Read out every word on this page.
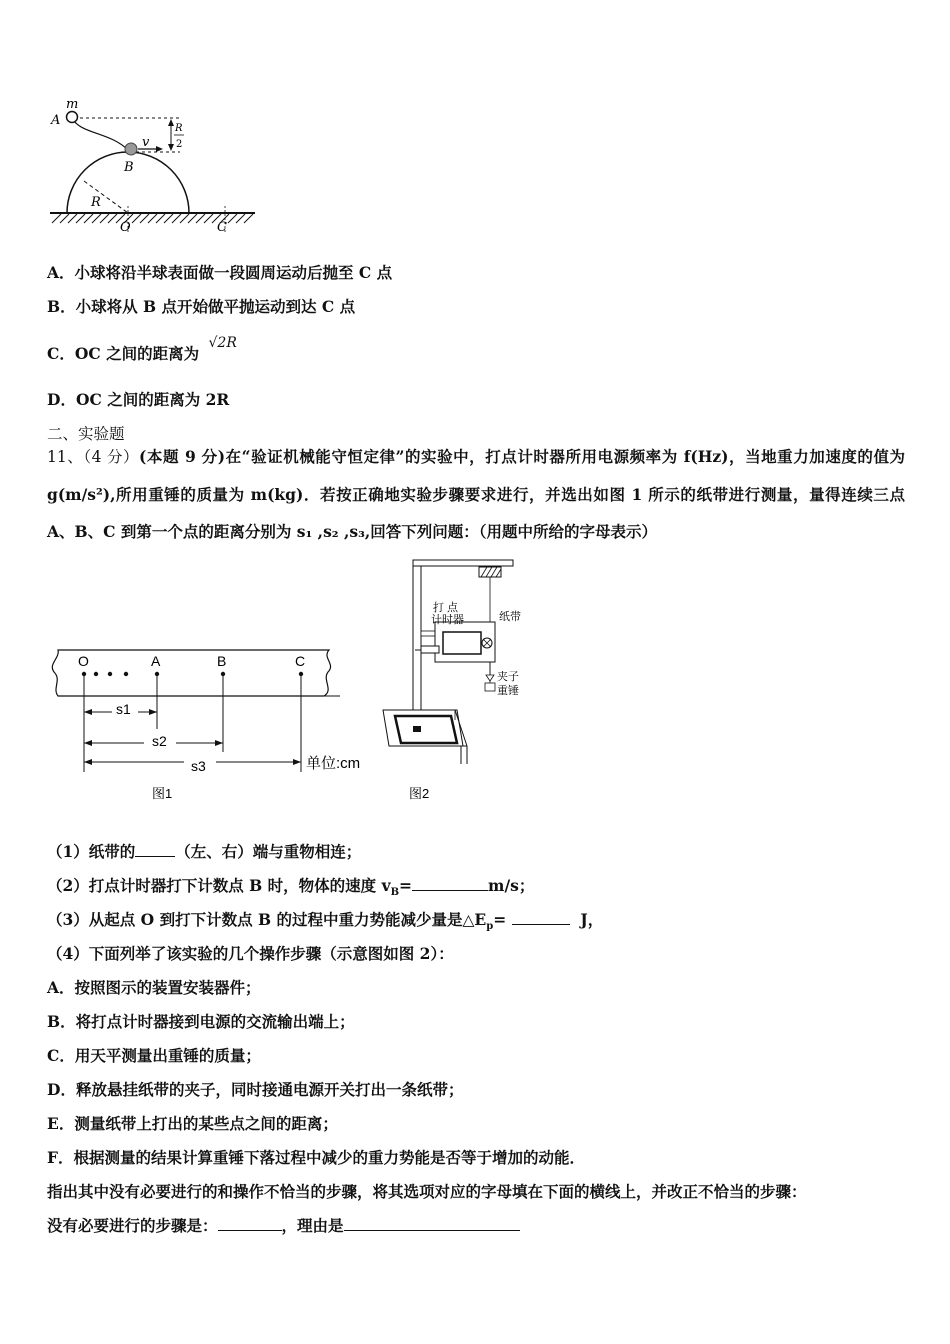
m
A
v
B
R
2
R
O	C
A．小球将沿半球表面做一段圆周运动后抛至 C 点
B．小球将从 B 点开始做平抛运动到达 C 点
C．OC 之间的距离为 √2R
D．OC 之间的距离为 2R
二、实验题
11、（4 分）(本题 9 分)在“验证机械能守恒定律”的实验中，打点计时器所用电源频率为 f(Hz)，当地重力加速度的值为 g(m/s²),所用重锤的质量为 m(kg)．若按正确地实验步骤要求进行，并选出如图 1 所示的纸带进行测量，量得连续三点 A、B、C 到第一个点的距离分别为 s₁ ,s₂ ,s₃,回答下列问题：（用题中所给的字母表示）
O	A	B	C
s1
s2
s3	单位:cm
图1
打 点
计时器	纸带
夹子
重锤
图2
（1）纸带的	（左、右）端与重物相连；
（2）打点计时器打下计数点 B 时，物体的速度 $v_B=$	m/s；
（3）从起点 O 到打下计数点 B 的过程中重力势能减少量是$\triangle E_p=$	J，
（4）下面列举了该实验的几个操作步骤（示意图如图 2）：
A．按照图示的装置安装器件；
B．将打点计时器接到电源的交流输出端上；
C．用天平测量出重锤的质量；
D．释放悬挂纸带的夹子，同时接通电源开关打出一条纸带；
E．测量纸带上打出的某些点之间的距离；
F．根据测量的结果计算重锤下落过程中减少的重力势能是否等于增加的动能．
指出其中没有必要进行的和操作不恰当的步骤，将其选项对应的字母填在下面的横线上，并改正不恰当的步骤：
没有必要进行的步骤是：	，理由是
